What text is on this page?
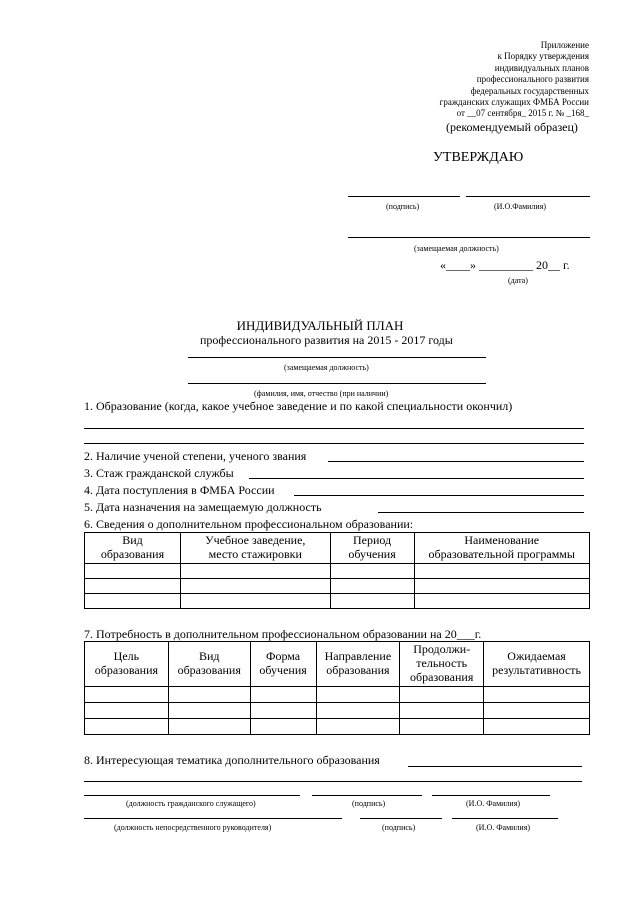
Приложение
к Порядку утверждения
индивидуальных планов
профессионального развития
федеральных государственных
гражданских служащих ФМБА России
от __07 сентября_ 2015 г. № _168_
(рекомендуемый образец)
УТВЕРЖДАЮ
(подпись)	(И.О.Фамилия)
(замещаемая должность)
«____» _________ 20__ г.
(дата)
ИНДИВИДУАЛЬНЫЙ ПЛАН
профессионального развития на 2015 - 2017 годы
(замещаемая должность)
(фамилия, имя, отчество (при наличии)
1. Образование (когда, какое учебное заведение и по какой специальности окончил)
2. Наличие ученой степени, ученого звания
3. Стаж гражданской службы
4. Дата поступления в ФМБА России
5. Дата назначения на замещаемую должность
6. Сведения о дополнительном профессиональном образовании:
Вид образования	Учебное заведение, место стажировки	Период обучения	Наименование образовательной программы

7. Потребность в дополнительном профессиональном образовании на 20___г.
Цель образования	Вид образования	Форма обучения	Направление образования	Продолжи-тельность образования	Ожидаемая результативность

8. Интересующая тематика дополнительного образования
(должность гражданского служащего)	(подпись)	(И.О. Фамилия)
(должность непосредственного руководителя)	(подпись)	(И.О. Фамилия)
